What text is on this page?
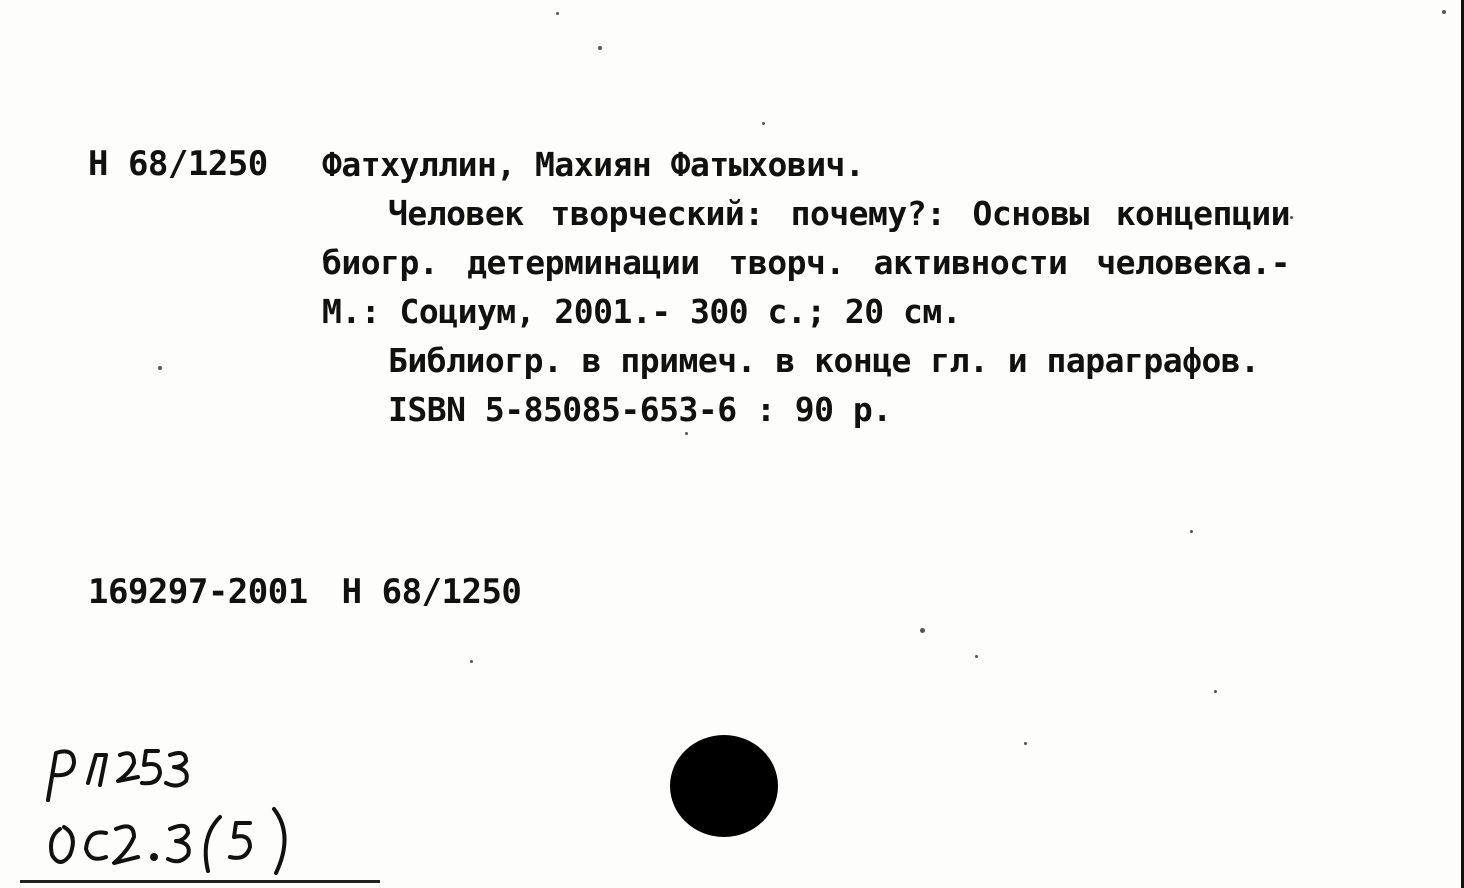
Н 68/1250 Фатхуллин, Махиян Фатыхович.

Человек творческий: почему?: Основы концепции биогр. детерминации творч. активности человека.- М.: Социум, 2001.- 300 с.; 20 см.

Библиогр. в примеч. в конце гл. и параграфов.

ISBN 5-85085-653-6 : 90 р.

169297-2001 Н 68/1250
